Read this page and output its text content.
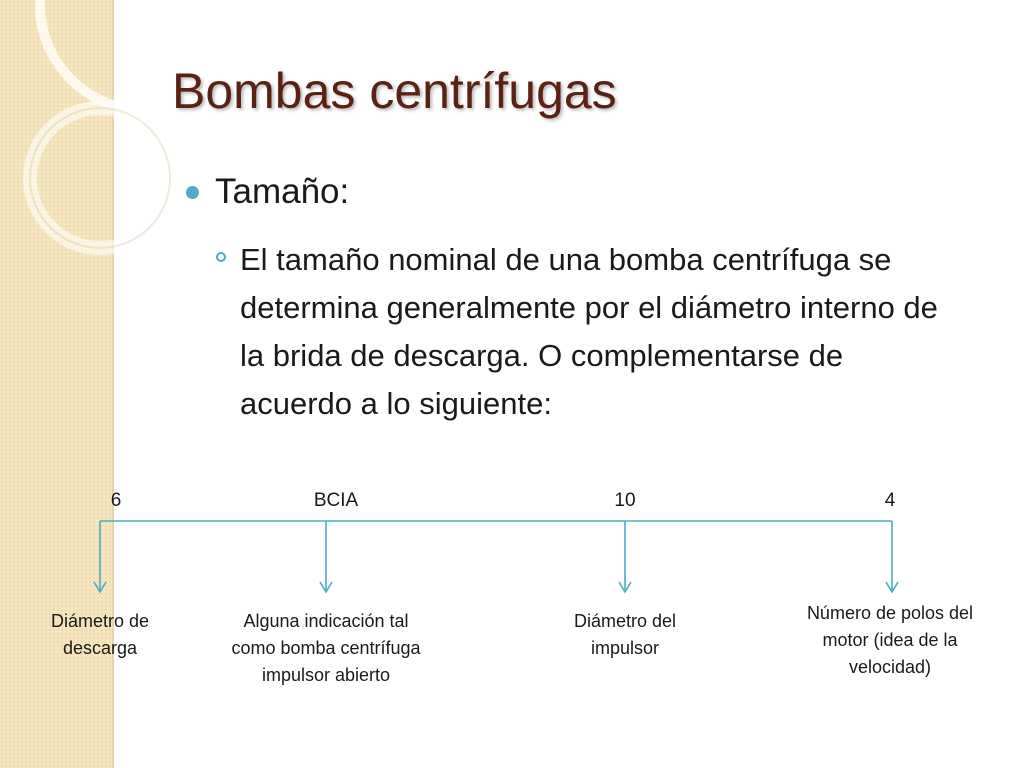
Bombas centrífugas
Tamaño:
El tamaño nominal de una bomba centrífuga se determina generalmente por el diámetro interno de la brida de descarga. O complementarse de acuerdo a lo siguiente:
6	BCIA	10	4
Diámetro de descarga
Alguna indicación tal como bomba centrífuga impulsor abierto
Diámetro del impulsor
Número de polos del motor (idea de la velocidad)
